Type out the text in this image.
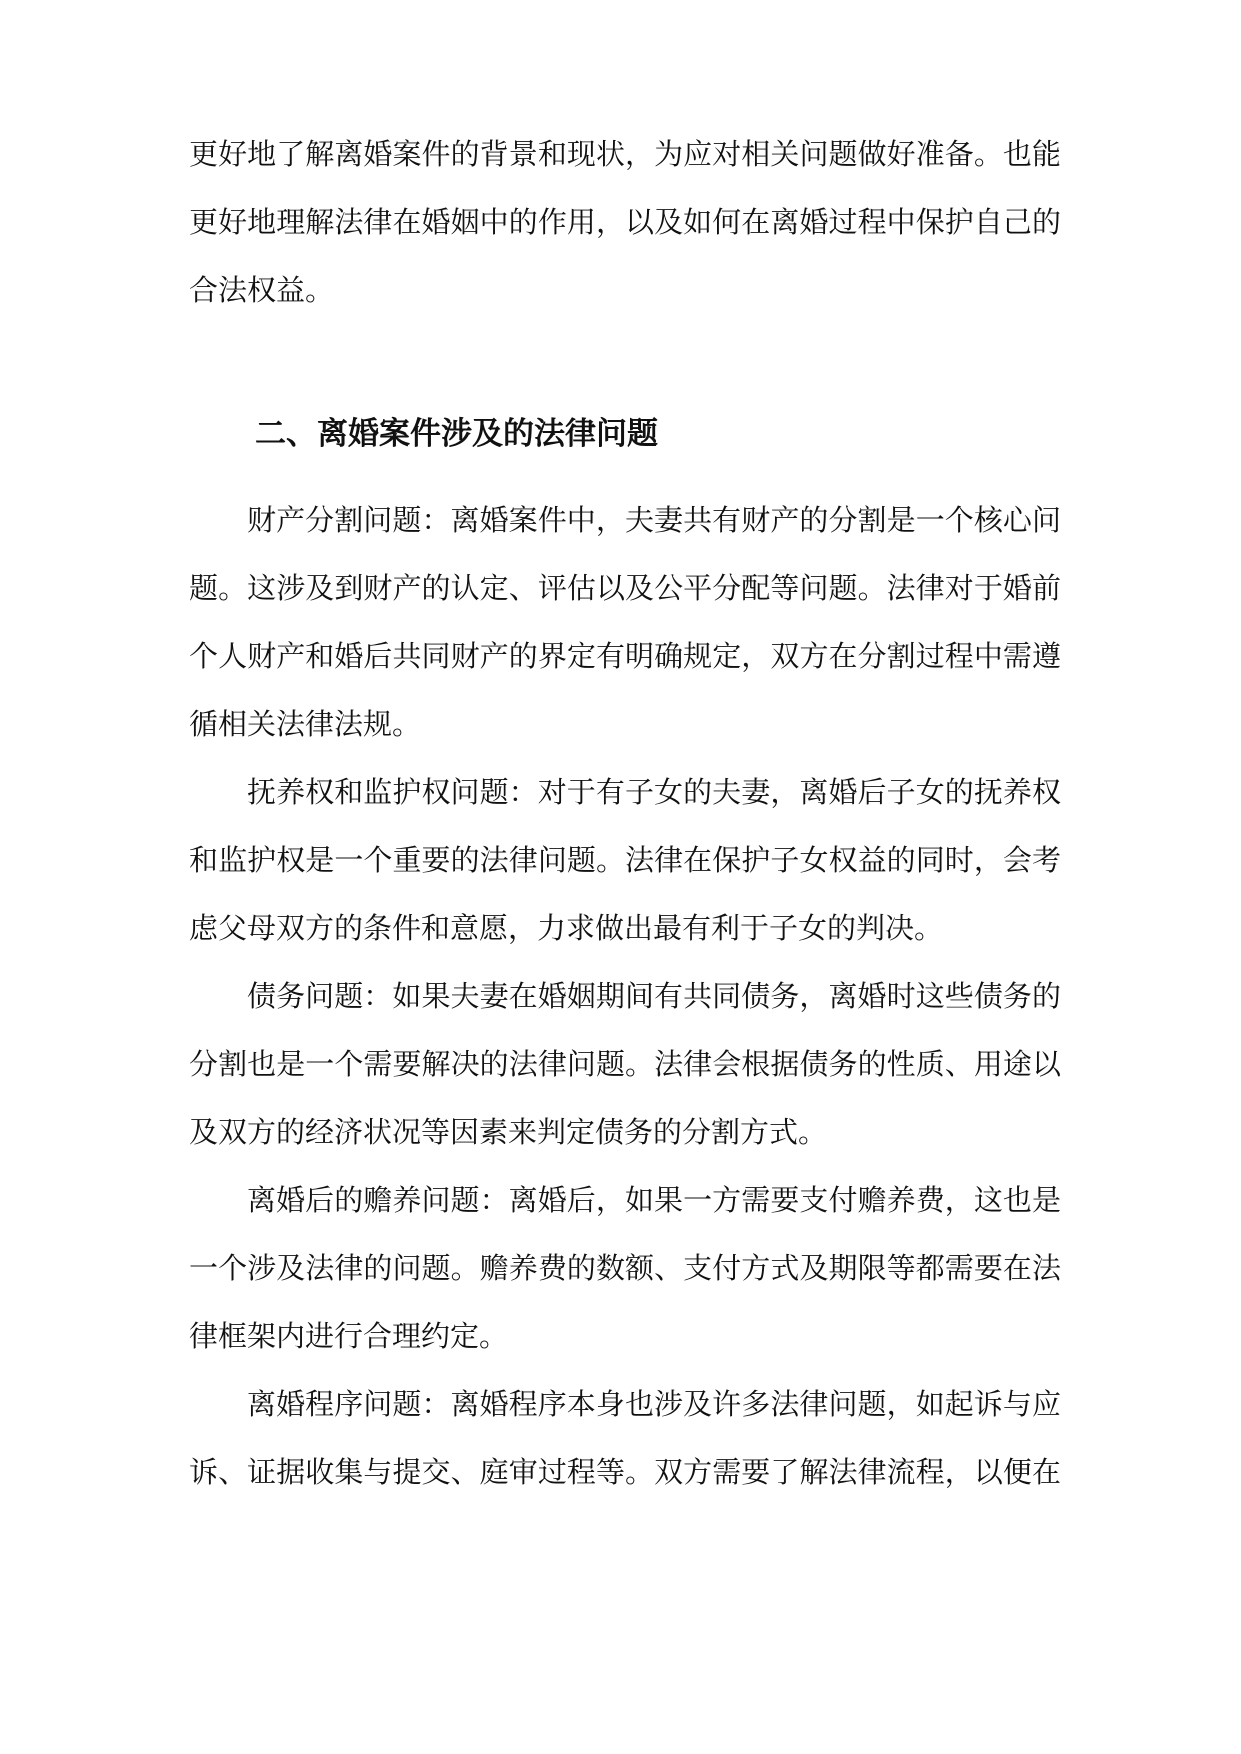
更好地了解离婚案件的背景和现状，为应对相关问题做好准备。也能
更好地理解法律在婚姻中的作用，以及如何在离婚过程中保护自己的
合法权益。
二、离婚案件涉及的法律问题
财产分割问题：离婚案件中，夫妻共有财产的分割是一个核心问
题。这涉及到财产的认定、评估以及公平分配等问题。法律对于婚前
个人财产和婚后共同财产的界定有明确规定，双方在分割过程中需遵
循相关法律法规。
抚养权和监护权问题：对于有子女的夫妻，离婚后子女的抚养权
和监护权是一个重要的法律问题。法律在保护子女权益的同时，会考
虑父母双方的条件和意愿，力求做出最有利于子女的判决。
债务问题：如果夫妻在婚姻期间有共同债务，离婚时这些债务的
分割也是一个需要解决的法律问题。法律会根据债务的性质、用途以
及双方的经济状况等因素来判定债务的分割方式。
离婚后的赡养问题：离婚后，如果一方需要支付赡养费，这也是
一个涉及法律的问题。赡养费的数额、支付方式及期限等都需要在法
律框架内进行合理约定。
离婚程序问题：离婚程序本身也涉及许多法律问题，如起诉与应
诉、证据收集与提交、庭审过程等。双方需要了解法律流程，以便在
